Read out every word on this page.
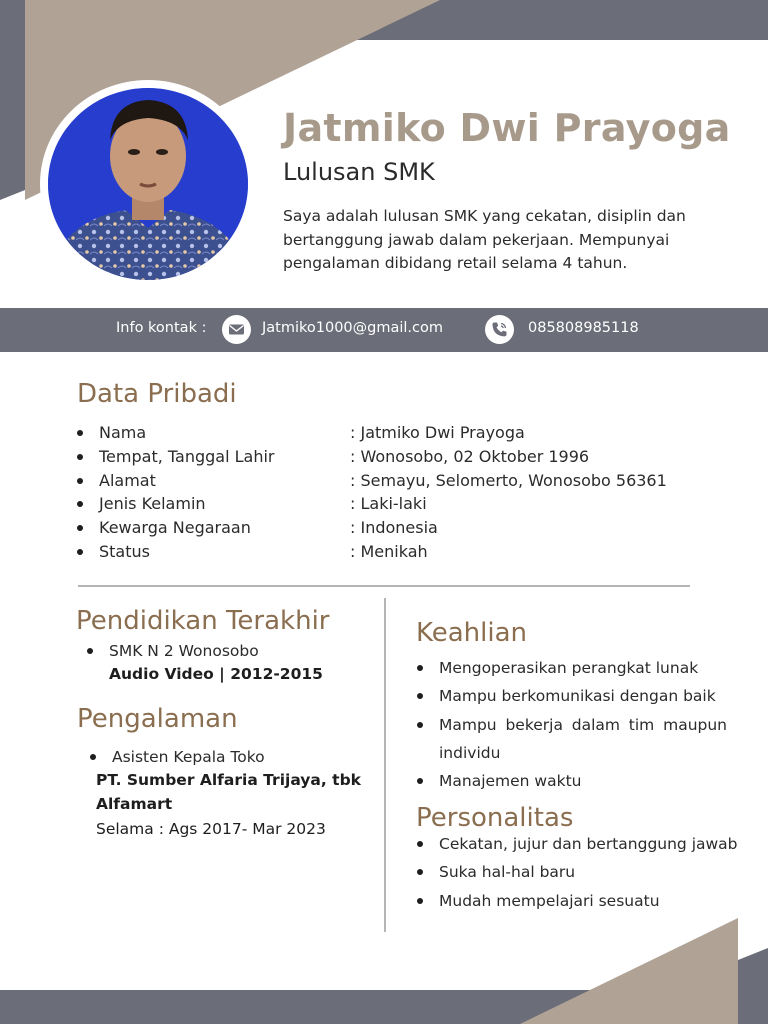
Jatmiko Dwi Prayoga
Lulusan SMK

Saya adalah lulusan SMK yang cekatan, disiplin dan bertanggung jawab dalam pekerjaan. Mempunyai pengalaman dibidang retail selama 4 tahun.

Info kontak :	Jatmiko1000@gmail.com	085808985118
Data Pribadi
Nama	: Jatmiko Dwi Prayoga
Tempat, Tanggal Lahir	: Wonosobo, 02 Oktober 1996
Alamat	: Semayu, Selomerto, Wonosobo 56361
Jenis Kelamin	: Laki-laki
Kewarga Negaraan	: Indonesia
Status	: Menikah
Pendidikan Terakhir
SMK N 2 Wonosobo
Audio Video | 2012-2015
Pengalaman
Asisten Kepala Toko
PT. Sumber Alfaria Trijaya, tbk
Alfamart
Selama : Ags 2017- Mar 2023
Keahlian
Mengoperasikan perangkat lunak
Mampu berkomunikasi dengan baik
Mampu bekerja dalam tim maupun individu
Manajemen waktu
Personalitas
Cekatan, jujur dan bertanggung jawab
Suka hal-hal baru
Mudah mempelajari sesuatu
